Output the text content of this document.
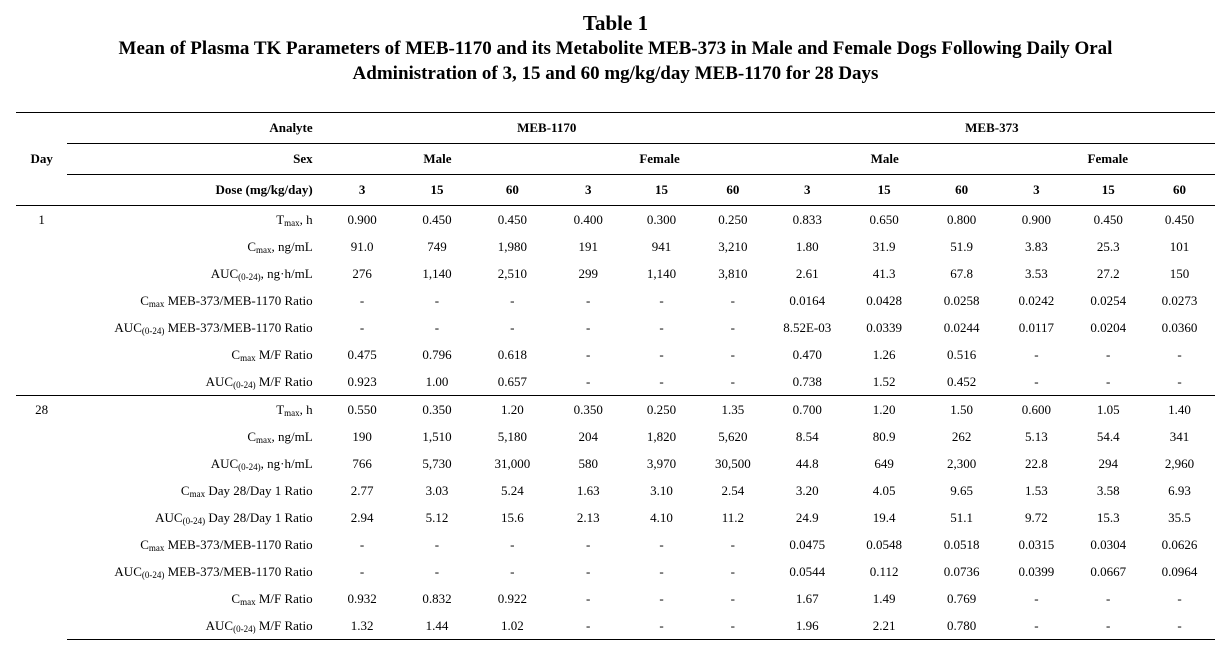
Table 1
Mean of Plasma TK Parameters of MEB-1170 and its Metabolite MEB-373 in Male and Female Dogs Following Daily Oral
Administration of 3, 15 and 60 mg/kg/day MEB-1170 for 28 Days
Day	Analyte	MEB-1170						MEB-373					
	Sex	Male			Female			Male			Female		
	Dose (mg/kg/day)	3	15	60	3	15	60	3	15	60	3	15	60
1	$T_{max}$, h	0.900	0.450	0.450	0.400	0.300	0.250	0.833	0.650	0.800	0.900	0.450	0.450
	$C_{max}$, ng/mL	91.0	749	1,980	191	941	3,210	1.80	31.9	51.9	3.83	25.3	101
	$AUC_{(0-24)}$, ng·h/mL	276	1,140	2,510	299	1,140	3,810	2.61	41.3	67.8	3.53	27.2	150
	$C_{max}$ MEB-373/MEB-1170 Ratio	-	-	-	-	-	-	0.0164	0.0428	0.0258	0.0242	0.0254	0.0273
	$AUC_{(0-24)}$ MEB-373/MEB-1170 Ratio	-	-	-	-	-	-	8.52E-03	0.0339	0.0244	0.0117	0.0204	0.0360
	$C_{max}$ M/F Ratio	0.475	0.796	0.618	-	-	-	0.470	1.26	0.516	-	-	-
	$AUC_{(0-24)}$ M/F Ratio	0.923	1.00	0.657	-	-	-	0.738	1.52	0.452	-	-	-
28	$T_{max}$, h	0.550	0.350	1.20	0.350	0.250	1.35	0.700	1.20	1.50	0.600	1.05	1.40
	$C_{max}$, ng/mL	190	1,510	5,180	204	1,820	5,620	8.54	80.9	262	5.13	54.4	341
	$AUC_{(0-24)}$, ng·h/mL	766	5,730	31,000	580	3,970	30,500	44.8	649	2,300	22.8	294	2,960
	$C_{max}$ Day 28/Day 1 Ratio	2.77	3.03	5.24	1.63	3.10	2.54	3.20	4.05	9.65	1.53	3.58	6.93
	$AUC_{(0-24)}$ Day 28/Day 1 Ratio	2.94	5.12	15.6	2.13	4.10	11.2	24.9	19.4	51.1	9.72	15.3	35.5
	$C_{max}$ MEB-373/MEB-1170 Ratio	-	-	-	-	-	-	0.0475	0.0548	0.0518	0.0315	0.0304	0.0626
	$AUC_{(0-24)}$ MEB-373/MEB-1170 Ratio	-	-	-	-	-	-	0.0544	0.112	0.0736	0.0399	0.0667	0.0964
	$C_{max}$ M/F Ratio	0.932	0.832	0.922	-	-	-	1.67	1.49	0.769	-	-	-
	$AUC_{(0-24)}$ M/F Ratio	1.32	1.44	1.02	-	-	-	1.96	2.21	0.780	-	-	-
